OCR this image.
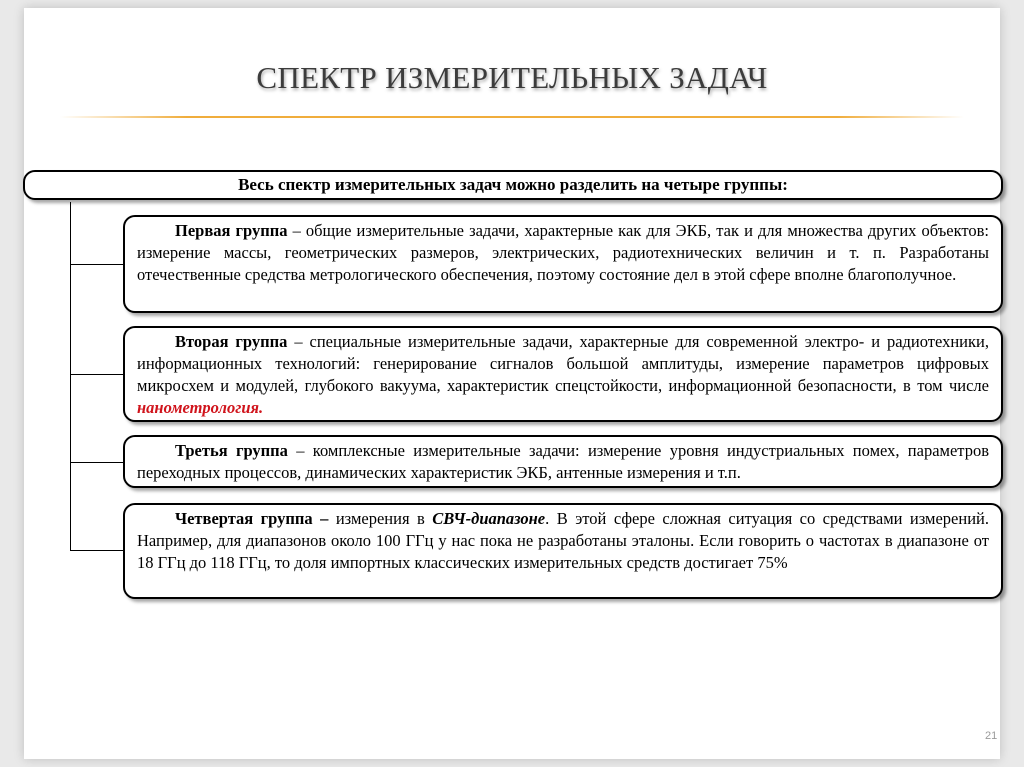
СПЕКТР ИЗМЕРИТЕЛЬНЫХ ЗАДАЧ
Весь спектр измерительных задач можно разделить на четыре группы:
Первая группа – общие измерительные задачи, характерные как для ЭКБ, так и для множества других объектов: измерение массы, геометрических размеров, электрических, радиотехнических величин и т. п. Разработаны отечественные средства метрологического обеспечения, поэтому состояние дел в этой сфере вполне благополучное.
Вторая группа – специальные измерительные задачи, характерные для современной электро- и радиотехники, информационных технологий: генерирование сигналов большой амплитуды, измерение параметров цифровых микросхем и модулей, глубокого вакуума, характеристик спецстойкости, информационной безопасности, в том числе нанометрология.
Третья группа – комплексные измерительные задачи: измерение уровня индустриальных помех, параметров переходных процессов, динамических характеристик ЭКБ, антенные измерения и т.п.
Четвертая группа – измерения в СВЧ-диапазоне. В этой сфере сложная ситуация со средствами измерений. Например, для диапазонов около 100 ГГц у нас пока не разработаны эталоны. Если говорить о частотах в диапазоне от 18 ГГц до 118 ГГц, то доля импортных классических измерительных средств достигает 75%
21
